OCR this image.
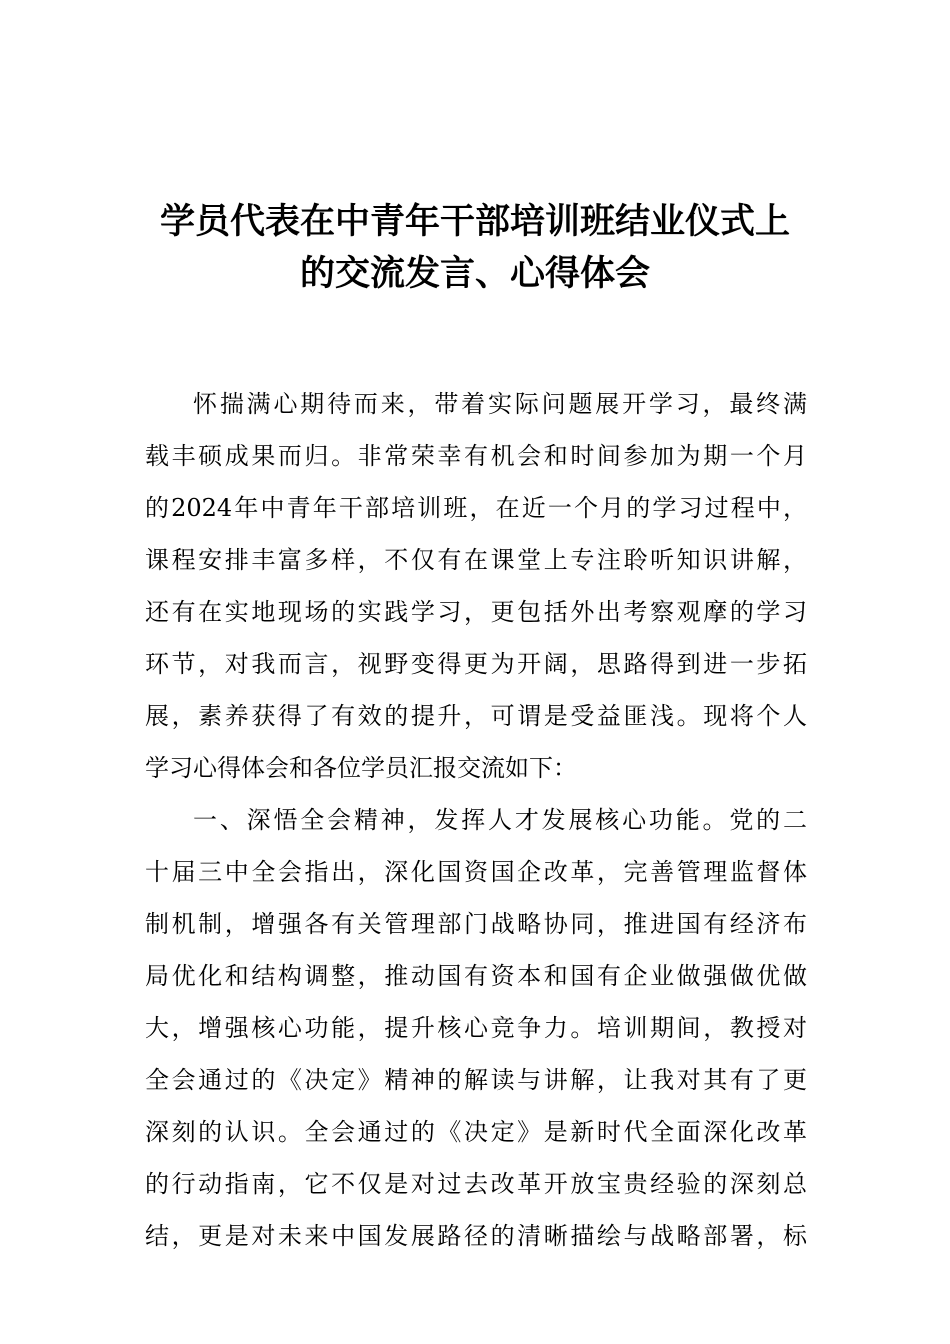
学员代表在中青年干部培训班结业仪式上
的交流发言、心得体会
怀揣满心期待而来，带着实际问题展开学习，最终满
载丰硕成果而归。非常荣幸有机会和时间参加为期一个月
的2024年中青年干部培训班，在近一个月的学习过程中，
课程安排丰富多样，不仅有在课堂上专注聆听知识讲解，
还有在实地现场的实践学习，更包括外出考察观摩的学习
环节，对我而言，视野变得更为开阔，思路得到进一步拓
展，素养获得了有效的提升，可谓是受益匪浅。现将个人
学习心得体会和各位学员汇报交流如下：
一、深悟全会精神，发挥人才发展核心功能。党的二
十届三中全会指出，深化国资国企改革，完善管理监督体
制机制，增强各有关管理部门战略协同，推进国有经济布
局优化和结构调整，推动国有资本和国有企业做强做优做
大，增强核心功能，提升核心竞争力。培训期间，教授对
全会通过的《决定》精神的解读与讲解，让我对其有了更
深刻的认识。全会通过的《决定》是新时代全面深化改革
的行动指南，它不仅是对过去改革开放宝贵经验的深刻总
结，更是对未来中国发展路径的清晰描绘与战略部署，标
